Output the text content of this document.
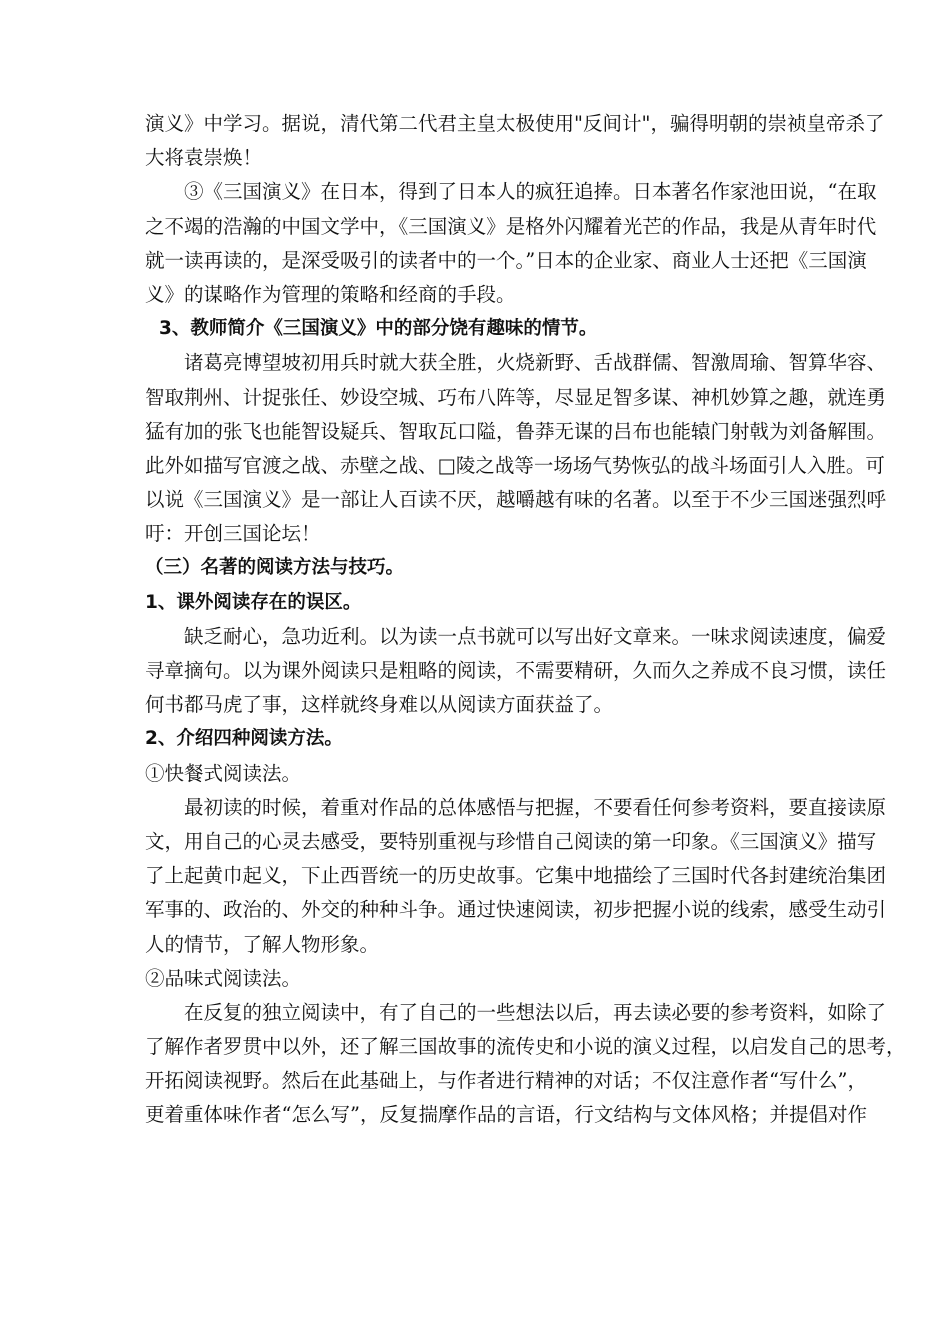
演义》中学习。据说，清代第二代君主皇太极使用"反间计"，骗得明朝的崇祯皇帝杀了
大将袁崇焕！
③《三国演义》在日本，得到了日本人的疯狂追捧。日本著名作家池田说，“在取
之不竭的浩瀚的中国文学中，《三国演义》是格外闪耀着光芒的作品，我是从青年时代
就一读再读的，是深受吸引的读者中的一个。”日本的企业家、商业人士还把《三国演
义》的谋略作为管理的策略和经商的手段。
3、教师简介《三国演义》中的部分饶有趣味的情节。
诸葛亮博望坡初用兵时就大获全胜，火烧新野、舌战群儒、智激周瑜、智算华容、
智取荆州、计捉张任、妙设空城、巧布八阵等，尽显足智多谋、神机妙算之趣，就连勇
猛有加的张飞也能智设疑兵、智取瓦口隘，鲁莽无谋的吕布也能辕门射戟为刘备解围。
此外如描写官渡之战、赤壁之战、□陵之战等一场场气势恢弘的战斗场面引人入胜。可
以说《三国演义》是一部让人百读不厌，越嚼越有味的名著。以至于不少三国迷强烈呼
吁：开创三国论坛！
（三）名著的阅读方法与技巧。
1、课外阅读存在的误区。
缺乏耐心，急功近利。以为读一点书就可以写出好文章来。一味求阅读速度，偏爱
寻章摘句。以为课外阅读只是粗略的阅读，不需要精研，久而久之养成不良习惯，读任
何书都马虎了事，这样就终身难以从阅读方面获益了。
2、介绍四种阅读方法。
①快餐式阅读法。
最初读的时候，着重对作品的总体感悟与把握，不要看任何参考资料，要直接读原
文，用自己的心灵去感受，要特别重视与珍惜自己阅读的第一印象。《三国演义》描写
了上起黄巾起义，下止西晋统一的历史故事。它集中地描绘了三国时代各封建统治集团
军事的、政治的、外交的种种斗争。通过快速阅读，初步把握小说的线索，感受生动引
人的情节，了解人物形象。
②品味式阅读法。
在反复的独立阅读中，有了自己的一些想法以后，再去读必要的参考资料，如除了
了解作者罗贯中以外，还了解三国故事的流传史和小说的演义过程，以启发自己的思考，
开拓阅读视野。然后在此基础上，与作者进行精神的对话；不仅注意作者“写什么”，
更着重体味作者“怎么写”，反复揣摩作品的言语，行文结构与文体风格；并提倡对作
